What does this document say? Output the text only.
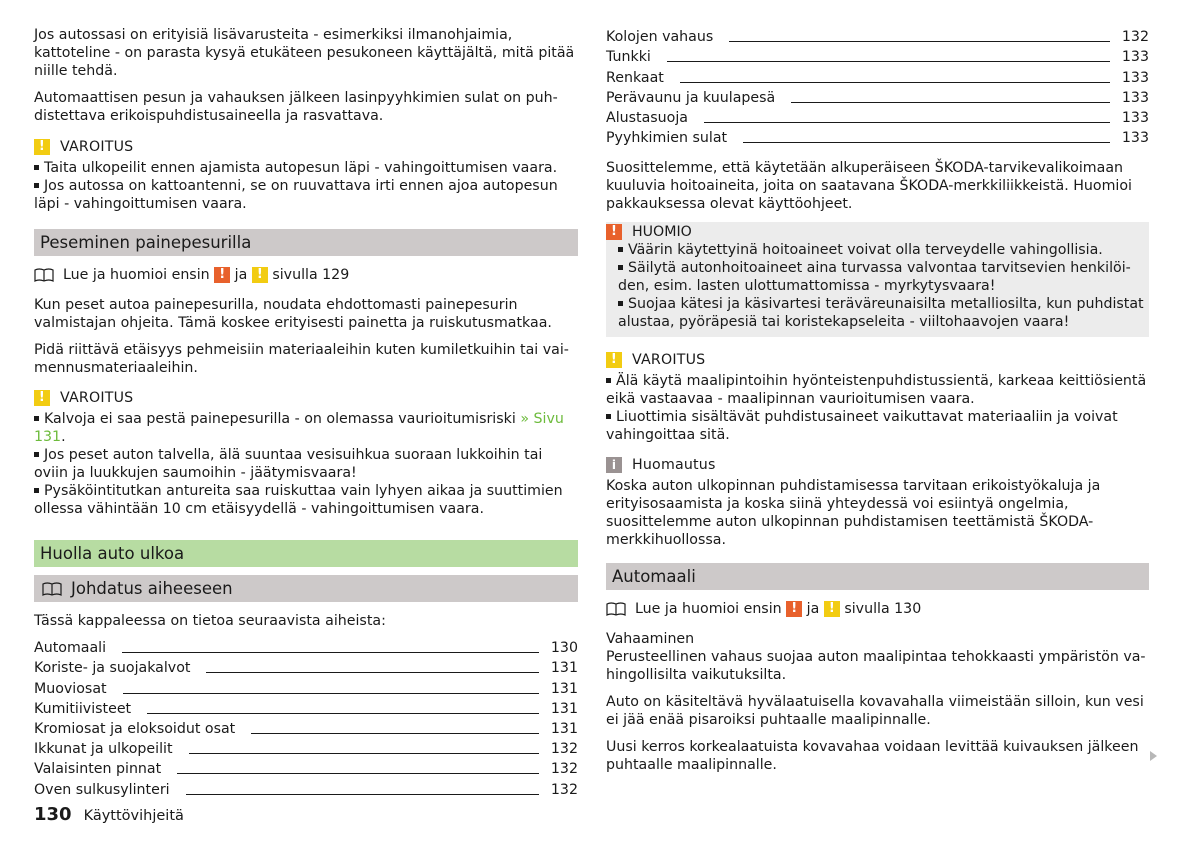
Jos autossasi on erityisiä lisävarusteita - esimerkiksi ilmanohjaimia, kattoteline - on parasta kysyä etukäteen pesukoneen käyttäjältä, mitä pitää niille tehdä.

Automaattisen pesun ja vahauksen jälkeen lasinpyyhkimien sulat on puhdistettava erikoispuhdistusaineella ja rasvattava.

!	VAROITUS
Taita ulkopeilit ennen ajamista autopesun läpi - vahingoittumisen vaara.
Jos autossa on kattoantenni, se on ruuvattava irti ennen ajoa autopesun läpi - vahingoittumisen vaara.
Peseminen painepesurilla
Lue ja huomioi ensin
!
ja
!
sivulla 129

Kun peset autoa painepesurilla, noudata ehdottomasti painepesurin valmistajan ohjeita. Tämä koskee erityisesti painetta ja ruiskutusmatkaa.

Pidä riittävä etäisyys pehmeisiin materiaaleihin kuten kumiletkuihin tai vaimennusmateriaaleihin.

!	VAROITUS
Kalvoja ei saa pestä painepesurilla - on olemassa vaurioitumisriski » Sivu 131.
Jos peset auton talvella, älä suuntaa vesisuihkua suoraan lukkoihin tai oviin ja luukkujen saumoihin - jäätymisvaara!
Pysäköintitutkan antureita saa ruiskuttaa vain lyhyen aikaa ja suuttimien ollessa vähintään 10 cm etäisyydellä - vahingoittumisen vaara.
Huolla auto ulkoa
Johdatus aiheeseen

Tässä kappaleessa on tietoa seuraavista aiheista:

Automaali	130
Koriste- ja suojakalvot	131
Muoviosat	131
Kumitiivisteet	131
Kromiosat ja eloksoidut osat	131
Ikkunat ja ulkopeilit	132
Valaisinten pinnat	132
Oven sulkusylinteri	132
Kolojen vahaus	132
Tunkki	133
Renkaat	133
Perävaunu ja kuulapesä	133
Alustasuoja	133
Pyyhkimien sulat	133

Suosittelemme, että käytetään alkuperäiseen ŠKODA-tarvikevalikoimaan kuuluvia hoitoaineita, joita on saatavana ŠKODA-merkkiliikkeistä. Huomioi pakkauksessa olevat käyttöohjeet.

!	HUOMIO
Väärin käytettyinä hoitoaineet voivat olla terveydelle vahingollisia.
Säilytä autonhoitoaineet aina turvassa valvontaa tarvitsevien henkilöiden, esim. lasten ulottumattomissa - myrkytysvaara!
Suojaa kätesi ja käsivartesi teräväreunaisilta metalliosilta, kun puhdistat alustaa, pyöräpesiä tai koristekapseleita - viiltohaavojen vaara!
!	VAROITUS
Älä käytä maalipintoihin hyönteistenpuhdistussientä, karkeaa keittiösientä eikä vastaavaa - maalipinnan vaurioitumisen vaara.
Liuottimia sisältävät puhdistusaineet vaikuttavat materiaaliin ja voivat vahingoittaa sitä.
i	Huomautus

Koska auton ulkopinnan puhdistamisessa tarvitaan erikoistyökaluja ja erityisosaamista ja koska siinä yhteydessä voi esiintyä ongelmia, suosittelemme auton ulkopinnan puhdistamisen teettämistä ŠKODA-merkkihuollossa.

Automaali
Lue ja huomioi ensin
!
ja
!
sivulla 130
Vahaaminen

Perusteellinen vahaus suojaa auton maalipintaa tehokkaasti ympäristön vahingollisilta vaikutuksilta.

Auto on käsiteltävä hyvälaatuisella kovavahalla viimeistään silloin, kun vesi ei jää enää pisaroiksi puhtaalle maalipinnalle.

Uusi kerros korkealaatuista kovavahaa voidaan levittää kuivauksen jälkeen puhtaalle maalipinnalle.

130 Käyttövihjeitä
